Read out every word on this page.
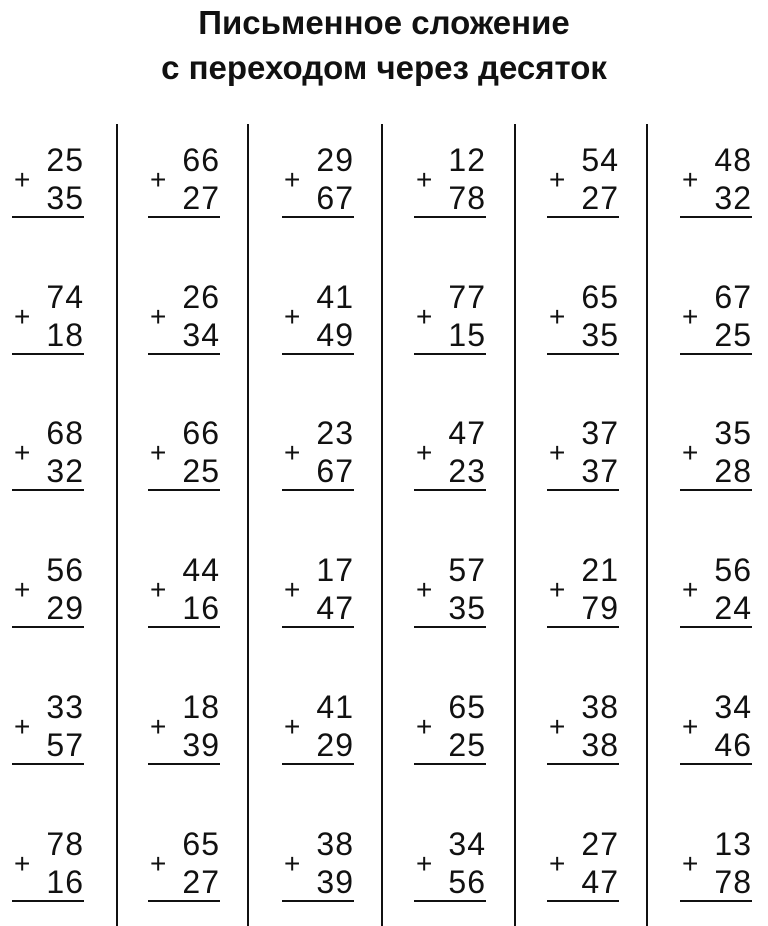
Письменное сложение
с переходом через десяток
+
25
35
+
66
27
+
29
67
+
12
78
+
54
27
+
48
32
+
74
18
+
26
34
+
41
49
+
77
15
+
65
35
+
67
25
+
68
32
+
66
25
+
23
67
+
47
23
+
37
37
+
35
28
+
56
29
+
44
16
+
17
47
+
57
35
+
21
79
+
56
24
+
33
57
+
18
39
+
41
29
+
65
25
+
38
38
+
34
46
+
78
16
+
65
27
+
38
39
+
34
56
+
27
47
+
13
78
